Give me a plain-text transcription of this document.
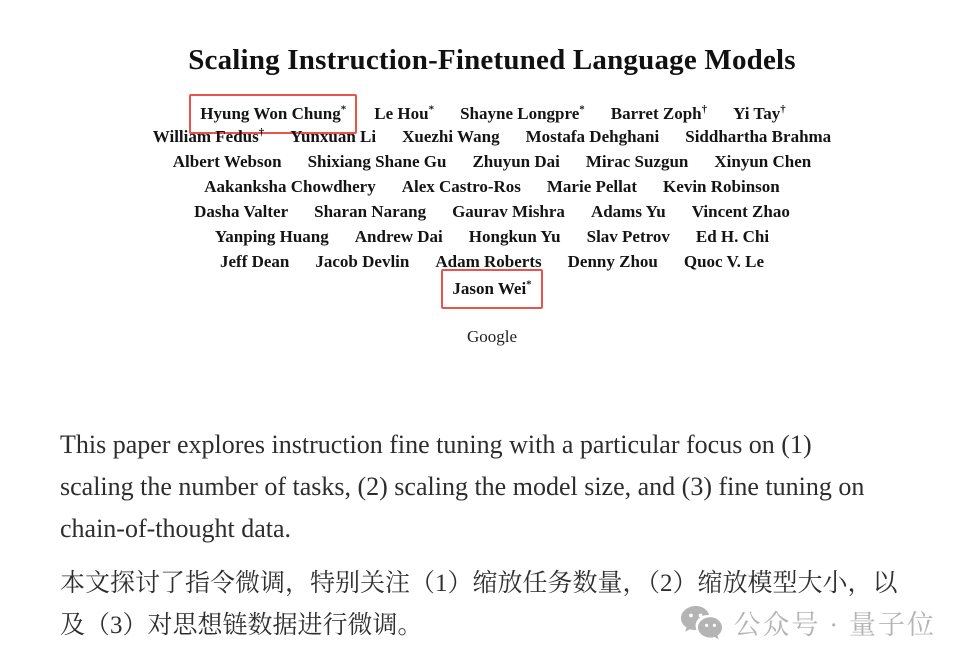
Scaling Instruction-Finetuned Language Models
Hyung Won Chung*	Le Hou* Shayne Longpre* Barret Zoph† Yi Tay†
William Fedus† Yunxuan Li Xuezhi Wang Mostafa Dehghani Siddhartha Brahma
Albert Webson Shixiang Shane Gu Zhuyun Dai Mirac Suzgun Xinyun Chen
Aakanksha Chowdhery Alex Castro-Ros Marie Pellat Kevin Robinson
Dasha Valter Sharan Narang Gaurav Mishra Adams Yu Vincent Zhao
Yanping Huang Andrew Dai Hongkun Yu Slav Petrov Ed H. Chi
Jeff Dean Jacob Devlin Adam Roberts Denny Zhou Quoc V. Le
Jason Wei*
Google
This paper explores instruction fine tuning with a particular focus on (1)
scaling the number of tasks, (2) scaling the model size, and (3) fine tuning on
chain-of-thought data.
本文探讨了指令微调，特别关注（1）缩放任务数量，（2）缩放模型大小，以
及（3）对思想链数据进行微调。	公众号 · 量子位
